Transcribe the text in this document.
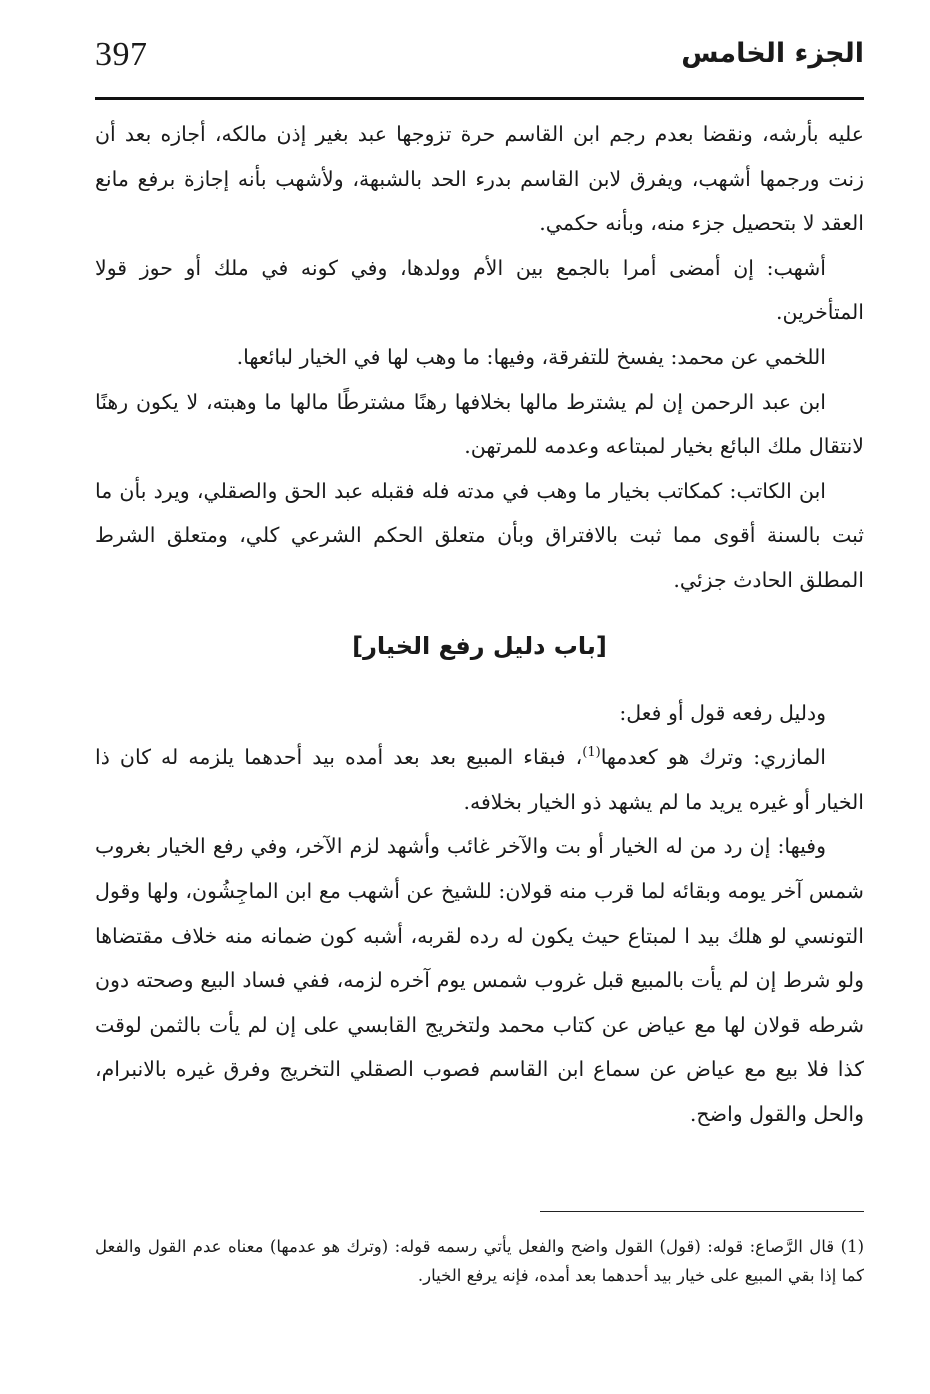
397	الجزء الخامس

عليه بأرشه، ونقضا بعدم رجم ابن القاسم حرة تزوجها عبد بغير إذن مالكه، أجازه بعد أن زنت ورجمها أشهب، ويفرق لابن القاسم بدرء الحد بالشبهة، ولأشهب بأنه إجازة برفع مانع العقد لا بتحصيل جزء منه، وبأنه حكمي.

أشهب: إن أمضى أمرا بالجمع بين الأم وولدها، وفي كونه في ملك أو حوز قولا المتأخرين.

اللخمي عن محمد: يفسخ للتفرقة، وفيها: ما وهب لها في الخيار لبائعها.

ابن عبد الرحمن إن لم يشترط مالها بخلافها رهنًا مشترطًا مالها ما وهبته، لا يكون رهنًا لانتقال ملك البائع بخيار لمبتاعه وعدمه للمرتهن.

ابن الكاتب: كمكاتب بخيار ما وهب في مدته فله فقبله عبد الحق والصقلي، ويرد بأن ما ثبت بالسنة أقوى مما ثبت بالافتراق وبأن متعلق الحكم الشرعي كلي، ومتعلق الشرط المطلق الحادث جزئي.

[باب دليل رفع الخيار]

ودليل رفعه قول أو فعل:

المازري: وترك هو كعدمها$^{(1)}$، فبقاء المبيع بعد بعد أمده بيد أحدهما يلزمه له كان ذا الخيار أو غيره يريد ما لم يشهد ذو الخيار بخلافه.

وفيها: إن رد من له الخيار أو بت والآخر غائب وأشهد لزم الآخر، وفي رفع الخيار بغروب شمس آخر يومه وبقائه لما قرب منه قولان: للشيخ عن أشهب مع ابن الماجِشُون، ولها وقول التونسي لو هلك بيد ا لمبتاع حيث يكون له رده لقربه، أشبه كون ضمانه منه خلاف مقتضاها ولو شرط إن لم يأت بالمبيع قبل غروب شمس يوم آخره لزمه، ففي فساد البيع وصحته دون شرطه قولان لها مع عياض عن كتاب محمد ولتخريج القابسي على إن لم يأت بالثمن لوقت كذا فلا بيع مع عياض عن سماع ابن القاسم فصوب الصقلي التخريج وفرق غيره بالانبرام، والحل والقول واضح.

(1) قال الرَّصاع: قوله: (قول) القول واضح والفعل يأتي رسمه قوله: (وترك هو عدمها) معناه عدم القول والفعل كما إذا بقي المبيع على خيار بيد أحدهما بعد أمده، فإنه يرفع الخيار.
